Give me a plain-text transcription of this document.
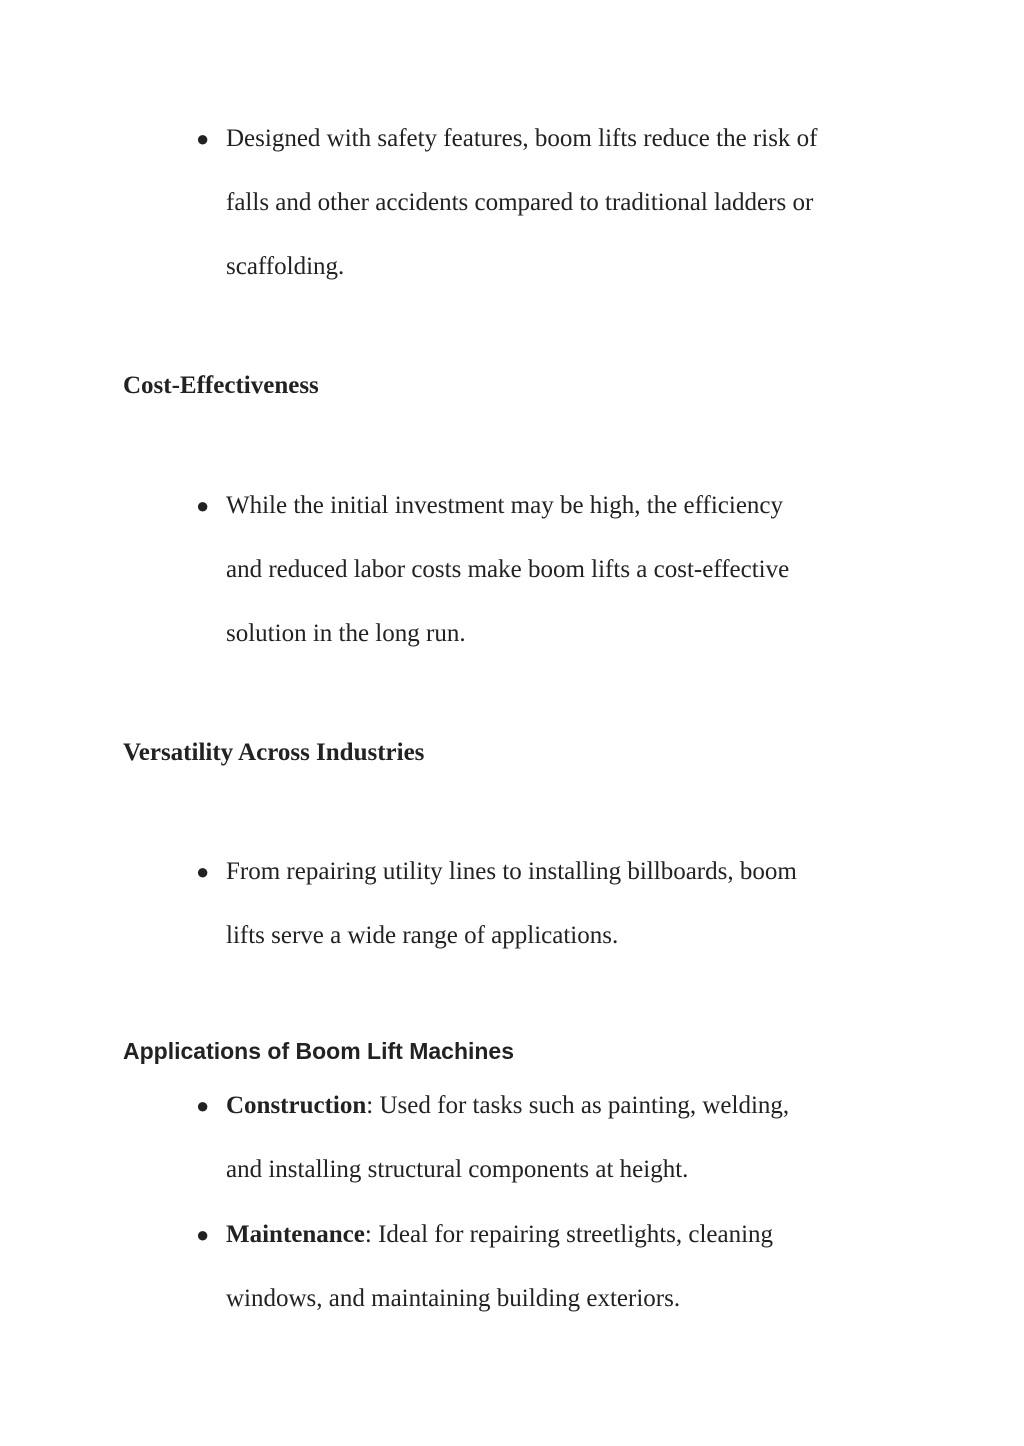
● Designed with safety features, boom lifts reduce the risk of
falls and other accidents compared to traditional ladders or
scaffolding.
Cost-Effectiveness
● While the initial investment may be high, the efficiency
and reduced labor costs make boom lifts a cost-effective
solution in the long run.
Versatility Across Industries
● From repairing utility lines to installing billboards, boom
lifts serve a wide range of applications.
Applications of Boom Lift Machines
● Construction: Used for tasks such as painting, welding,
and installing structural components at height.
● Maintenance: Ideal for repairing streetlights, cleaning
windows, and maintaining building exteriors.
